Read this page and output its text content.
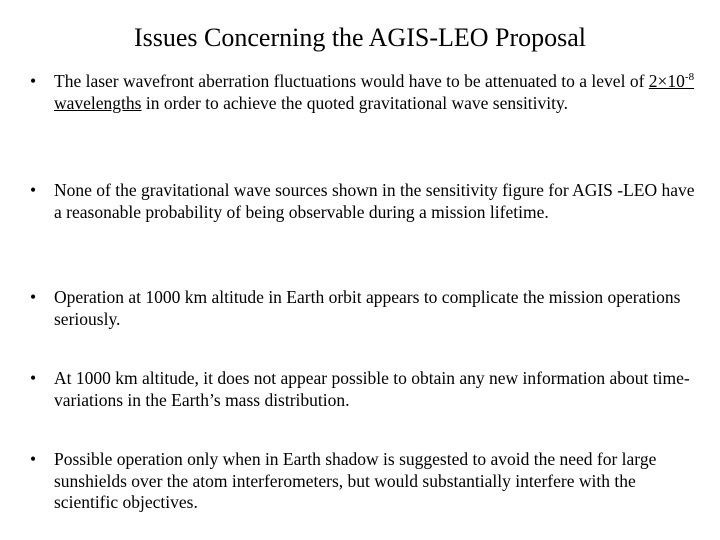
Issues Concerning the AGIS-LEO Proposal
•	The laser wavefront aberration fluctuations would have to be attenuated to a level of $2\times 10^{-8}$ wavelengths in order to achieve the quoted gravitational wave sensitivity.
•	None of the gravitational wave sources shown in the sensitivity figure for AGIS -LEO have a reasonable probability of being observable during a mission lifetime.
•	Operation at 1000 km altitude in Earth orbit appears to complicate the mission operations seriously.
•	At 1000 km altitude, it does not appear possible to obtain any new information about time-variations in the Earth’s mass distribution.
•	Possible operation only when in Earth shadow is suggested to avoid the need for large sunshields over the atom interferometers, but would substantially interfere with the scientific objectives.
